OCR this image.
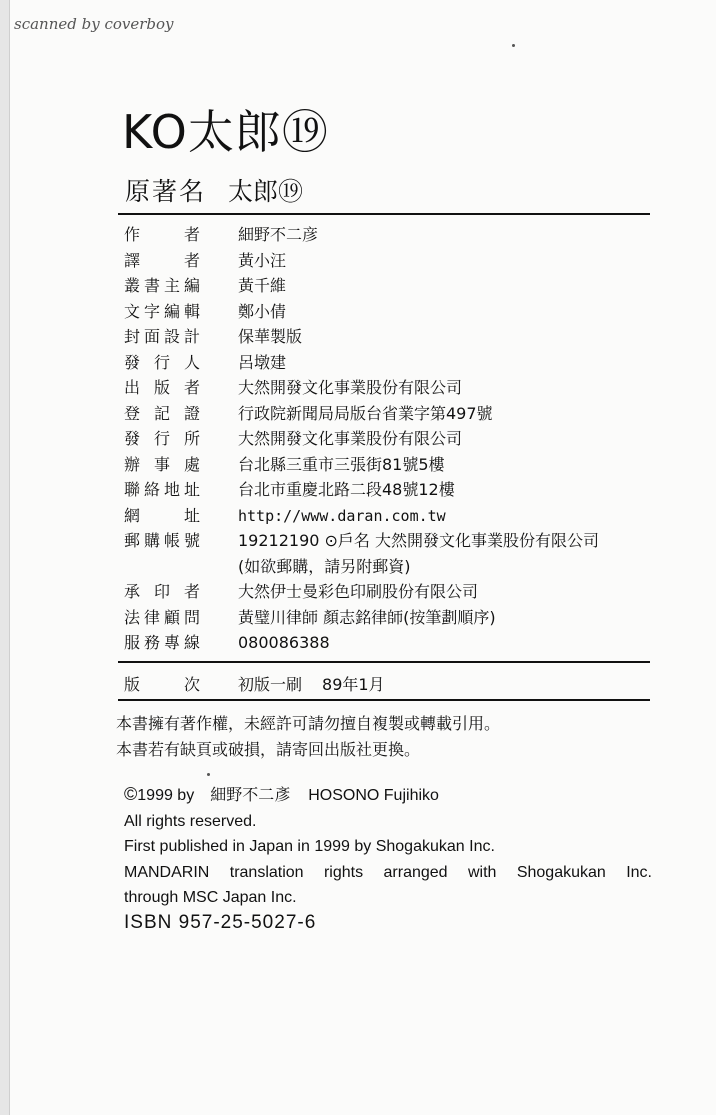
scanned by coverboy
KO太郎⑲
原著名 太郎⑲
作者 細野不二彦
譯者 黃小汪
叢書主編 黃千維
文字編輯 鄭小倩
封面設計 保華製版
發行人 呂墩建
出版者 大然開發文化事業股份有限公司
登記證 行政院新聞局局版台省業字第497號
發行所 大然開發文化事業股份有限公司
辦事處 台北縣三重市三張街81號5樓
聯絡地址 台北市重慶北路二段48號12樓
網址	http://www.daran.com.tw
郵購帳號 19212190 ⊙戶名 大然開發文化事業股份有限公司
(如欲郵購，請另附郵資)
承印者 大然伊士曼彩色印刷股份有限公司
法律顧問 黃璧川律師 顏志銘律師(按筆劃順序)
服務專線 080086388
版次 初版一刷 89年1月
本書擁有著作權，未經許可請勿擅自複製或轉載引用。
本書若有缺頁或破損，請寄回出版社更換。
©1999 by 細野不二彥 HOSONO Fujihiko
All rights reserved.
First published in Japan in 1999 by Shogakukan Inc.
MANDARIN translation rights arranged with Shogakukan Inc.
through MSC Japan Inc.
ISBN 957-25-5027-6
